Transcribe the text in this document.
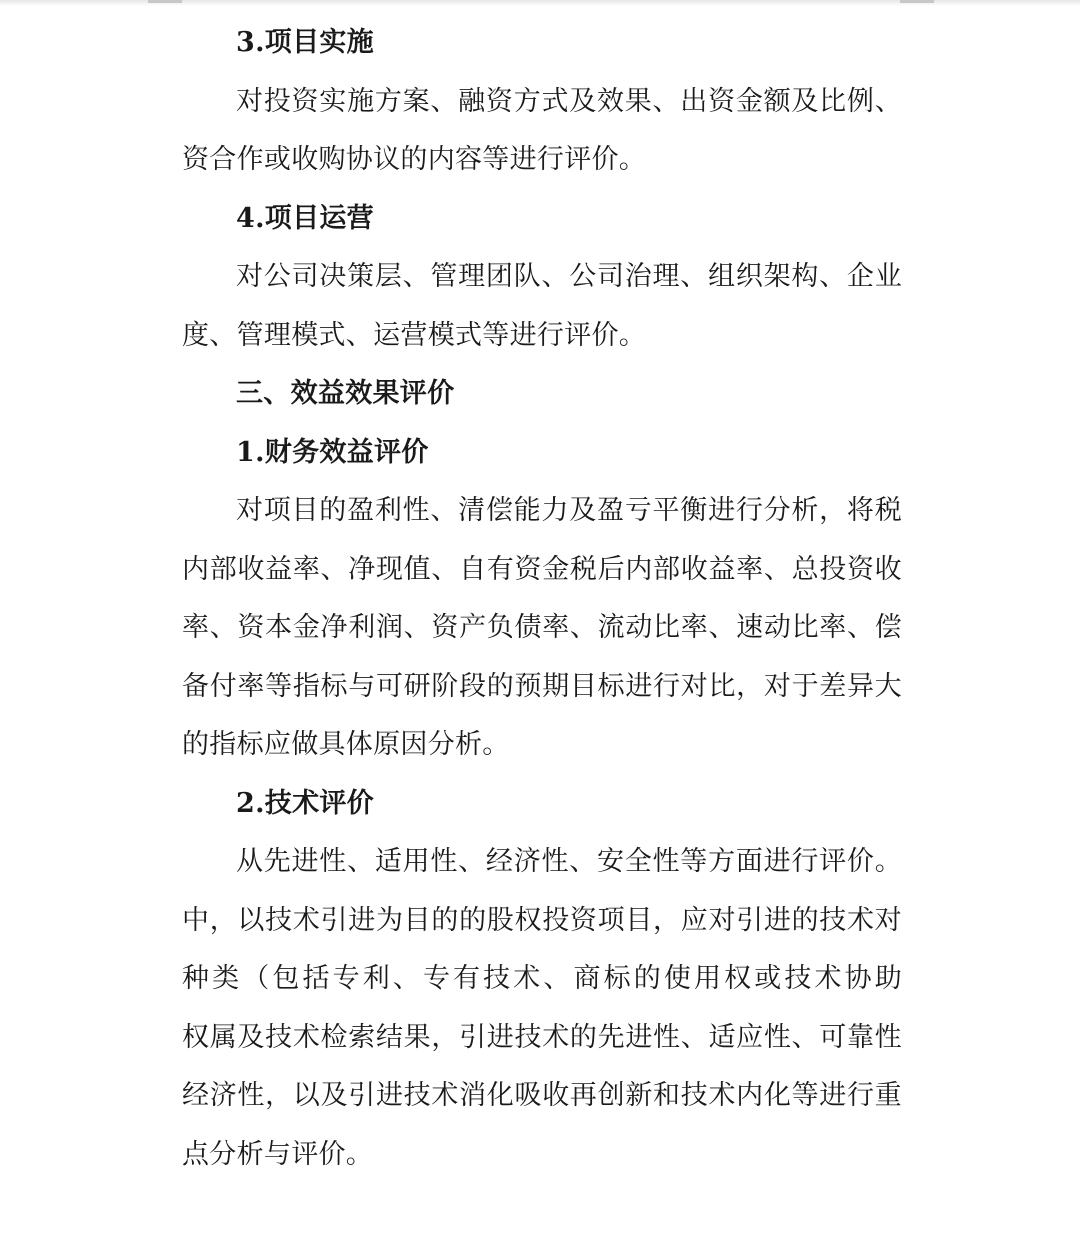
3.项目实施
对投资实施方案、融资方式及效果、出资金额及比例、
资合作或收购协议的内容等进行评价。
4.项目运营
对公司决策层、管理团队、公司治理、组织架构、企业
度、管理模式、运营模式等进行评价。
三、效益效果评价
1.财务效益评价
对项目的盈利性、清偿能力及盈亏平衡进行分析，将税
内部收益率、净现值、自有资金税后内部收益率、总投资收
率、资本金净利润、资产负债率、流动比率、速动比率、偿
备付率等指标与可研阶段的预期目标进行对比，对于差异大
的指标应做具体原因分析。
2.技术评价
从先进性、适用性、经济性、安全性等方面进行评价。
中，以技术引进为目的的股权投资项目，应对引进的技术对
种类（包括专利、专有技术、商标的使用权或技术协助
权属及技术检索结果，引进技术的先进性、适应性、可靠性
经济性，以及引进技术消化吸收再创新和技术内化等进行重
点分析与评价。
